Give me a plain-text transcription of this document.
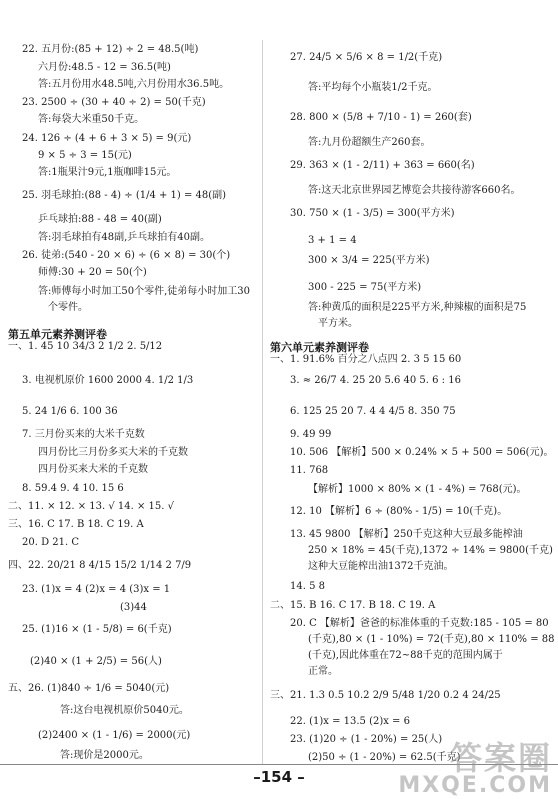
22. 五月份:(85 + 12) ÷ 2 = 48.5(吨)
六月份:48.5 - 12 = 36.5(吨)
答:五月份用水48.5吨,六月份用水36.5吨。
23. 2500 ÷ (30 + 40 ÷ 2) = 50(千克)
答:每袋大米重50千克。
24. 126 ÷ (4 + 6 + 3 × 5) = 9(元)
9 × 5 ÷ 3 = 15(元)
答:1瓶果汁9元,1瓶咖啡15元。
25. 羽毛球拍:(88 - 4) ÷ (1/4 + 1) = 48(副)
乒乓球拍:88 - 48 = 40(副)
答:羽毛球拍有48副,乒乓球拍有40副。
26. 徒弟:(540 - 20 × 6) ÷ (6 × 8) = 30(个)
师傅:30 + 20 = 50(个)
答:师傅每小时加工50个零件,徒弟每小时加工30
个零件。
一、1. 45 10 34/3 2 1/2 2. 5/12
3. 电视机原价 1600 2000 4. 1/2 1/3
5. 24 1/6 6. 100 36
7. 三月份买来的大米千克数
四月份比三月份多买大米的千克数
四月份买来大米的千克数
8. 59.4 9. 4 10. 15 6
二、11. × 12. × 13. √ 14. × 15. √
三、16. C 17. B 18. C 19. A
20. D 21. C
四、22. 20/21 8 4/15 15/2 1/14 2 7/9
23. (1)x = 4 (2)x = 4 (3)x = 1
(3)44
25. (1)16 × (1 - 5/8) = 6(千克)
(2)40 × (1 + 2/5) = 56(人)
五、26. (1)840 ÷ 1/6 = 5040(元)
答:这台电视机原价5040元。
(2)2400 × (1 - 1/6) = 2000(元)
答:现价是2000元。
27. 24/5 × 5/6 × 8 = 1/2(千克)
答:平均每个小瓶装1/2千克。
28. 800 × (5/8 + 7/10 - 1) = 260(套)
答:九月份超额生产260套。
29. 363 × (1 - 2/11) + 363 = 660(名)
答:这天北京世界园艺博览会共接待游客660名。
30. 750 × (1 - 3/5) = 300(平方米)
3 + 1 = 4
300 × 3/4 = 225(平方米)
300 - 225 = 75(平方米)
答:种黄瓜的面积是225平方米,种辣椒的面积是75
平方米。
一、1. 91.6% 百分之八点四 2. 3 5 15 60
3. ≈ 26/7 4. 25 20 5.6 40 5. 6 : 16
6. 125 25 20 7. 4 4 4/5 8. 350 75
9. 49 99
10. 506 【解析】500 × 0.24% × 5 + 500 = 506(元)。
11. 768
【解析】1000 × 80% × (1 - 4%) = 768(元)。
12. 10 【解析】6 ÷ (80% - 1/5) = 10(千克)。
13. 45 9800 【解析】250千克这种大豆最多能榨油
250 × 18% = 45(千克),1372 ÷ 14% = 9800(千克)
这种大豆能榨出油1372千克油。
14. 5 8
二、15. B 16. C 17. B 18. C 19. A
20. C 【解析】爸爸的标准体重的千克数:185 - 105 = 80
(千克),80 × (1 - 10%) = 72(千克),80 × 110% = 88
(千克),因此体重在72~88千克的范围内属于
正常。
三、21. 1.3 0.5 10.2 2/9 5/48 1/20 0.2 4 24/25
22. (1)x = 13.5 (2)x = 6
23. (1)20 ÷ (1 - 20%) = 25(人)
(2)50 ÷ (1 - 20%) = 62.5(千克)
第五单元素养测评卷
第六单元素养测评卷
–154 –	答案圈
MXQE.COM
